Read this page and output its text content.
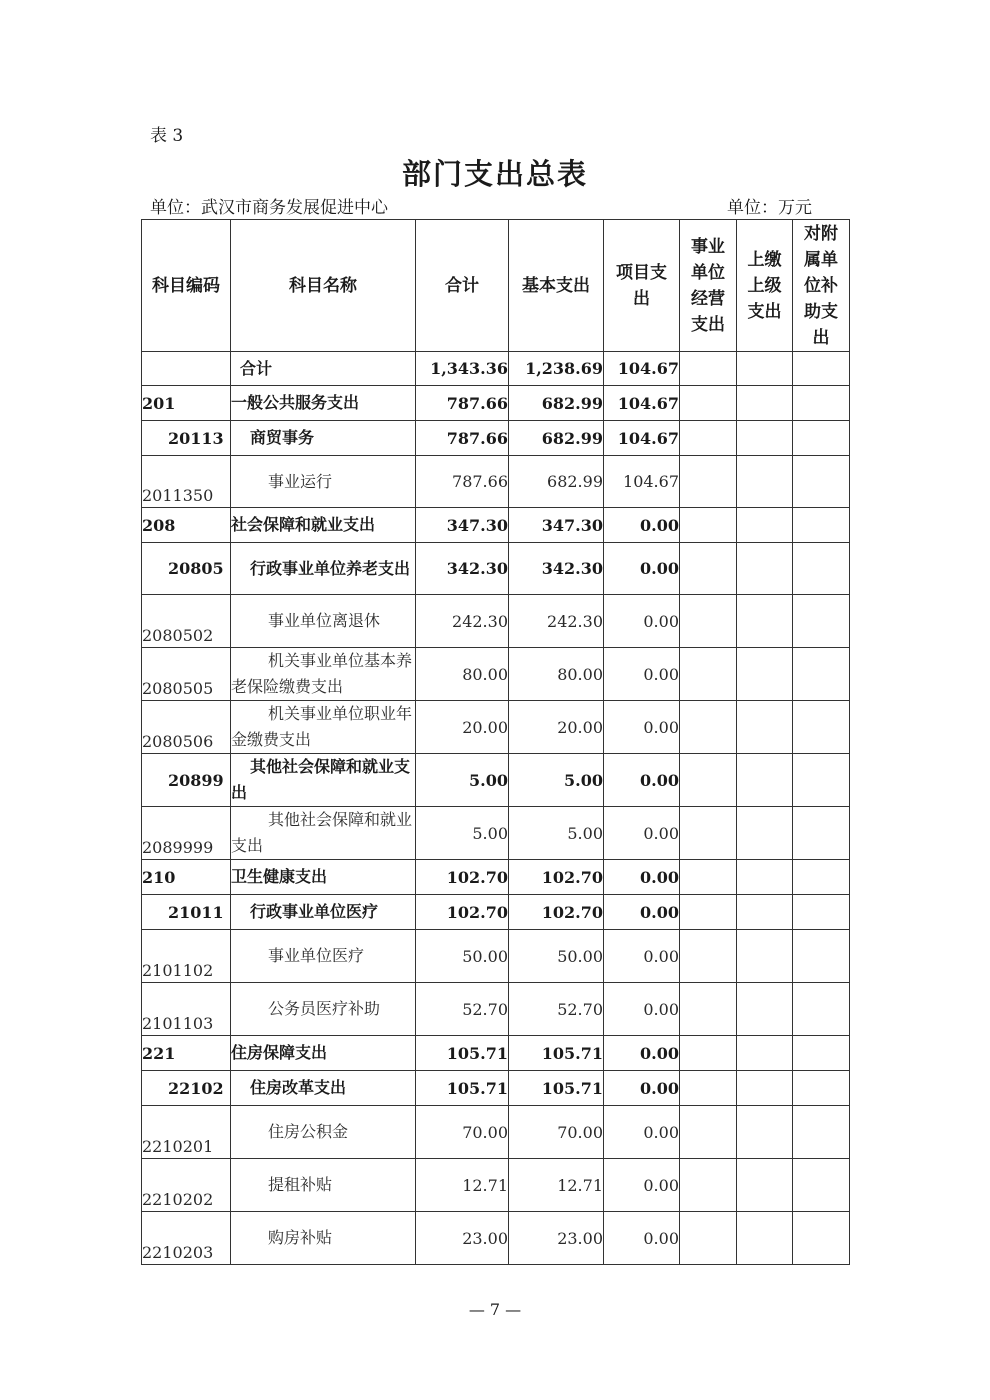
表 3
部门支出总表
单位：武汉市商务发展促进中心	单位：万元
科目编码	科目名称	合计	基本支出	项目支出	事业单位经营支出	上缴上级支出	对附属单位补助支出
	合计	1,343.36	1,238.69	104.67			
201	一般公共服务支出	787.66	682.99	104.67			
20113	商贸事务	787.66	682.99	104.67			
2011350	事业运行	787.66	682.99	104.67			
208	社会保障和就业支出	347.30	347.30	0.00			
20805	行政事业单位养老支出	342.30	342.30	0.00			
2080502	事业单位离退休	242.30	242.30	0.00			
2080505	机关事业单位基本养老保险缴费支出	80.00	80.00	0.00			
2080506	机关事业单位职业年金缴费支出	20.00	20.00	0.00			
20899	其他社会保障和就业支出	5.00	5.00	0.00			
2089999	其他社会保障和就业支出	5.00	5.00	0.00			
210	卫生健康支出	102.70	102.70	0.00			
21011	行政事业单位医疗	102.70	102.70	0.00			
2101102	事业单位医疗	50.00	50.00	0.00			
2101103	公务员医疗补助	52.70	52.70	0.00			
221	住房保障支出	105.71	105.71	0.00			
22102	住房改革支出	105.71	105.71	0.00			
2210201	住房公积金	70.00	70.00	0.00			
2210202	提租补贴	12.71	12.71	0.00			
2210203	购房补贴	23.00	23.00	0.00			
— 7 —
